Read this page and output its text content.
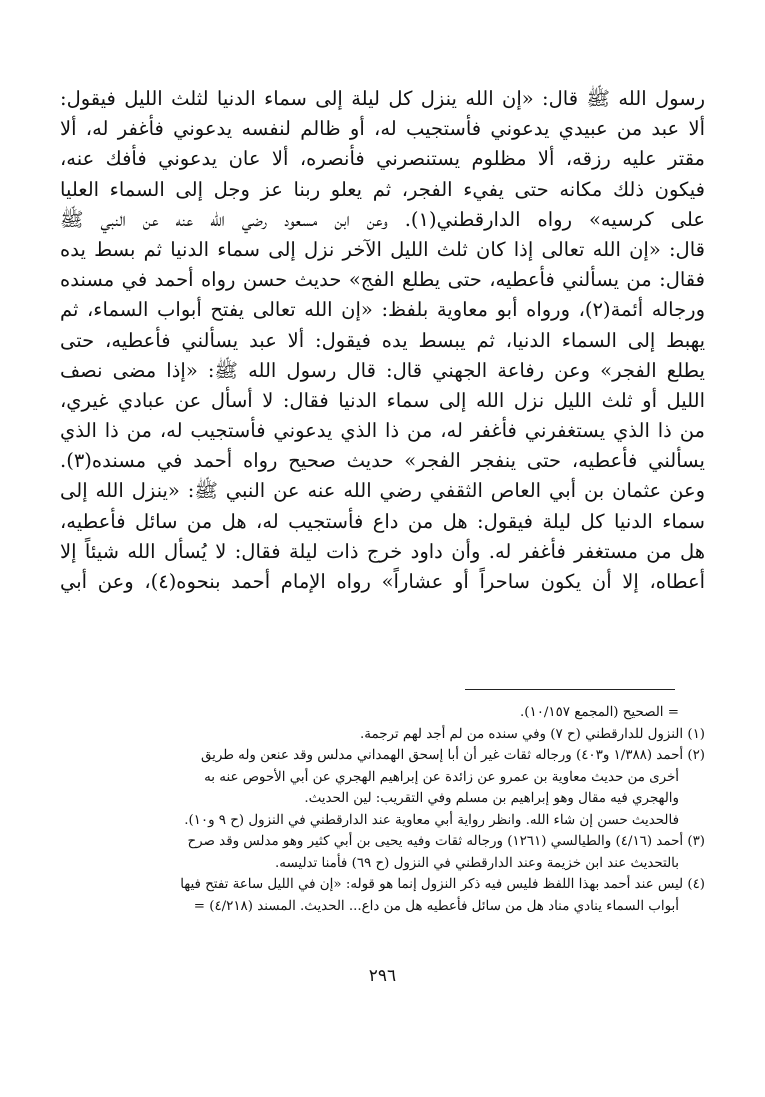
رسول الله ﷺ قال: «إن الله ينزل كل ليلة إلى سماء الدنيا لثلث الليل فيقول:
ألا عبد من عبيدي يدعوني فأستجيب له، أو ظالم لنفسه يدعوني فأغفر له، ألا
مقتر عليه رزقه، ألا مظلوم يستنصرني فأنصره، ألا عان يدعوني فأفك عنه،
فيكون ذلك مكانه حتى يفيء الفجر، ثم يعلو ربنا عز وجل إلى السماء العليا
على كرسيه» رواه الدارقطني(١). وعن ابن مسعود رضي الله عنه عن النبي ﷺ
قال: «إن الله تعالى إذا كان ثلث الليل الآخر نزل إلى سماء الدنيا ثم بسط يده
فقال: من يسألني فأعطيه، حتى يطلع الفج» حديث حسن رواه أحمد في مسنده
ورجاله أئمة(٢)، ورواه أبو معاوية بلفظ: «إن الله تعالى يفتح أبواب السماء، ثم
يهبط إلى السماء الدنيا، ثم يبسط يده فيقول: ألا عبد يسألني فأعطيه، حتى
يطلع الفجر» وعن رفاعة الجهني قال: قال رسول الله ﷺ: «إذا مضى نصف
الليل أو ثلث الليل نزل الله إلى سماء الدنيا فقال: لا أسأل عن عبادي غيري،
من ذا الذي يستغفرني فأغفر له، من ذا الذي يدعوني فأستجيب له، من ذا الذي
يسألني فأعطيه، حتى ينفجر الفجر» حديث صحيح رواه أحمد في مسنده(٣).
وعن عثمان بن أبي العاص الثقفي رضي الله عنه عن النبي ﷺ: «ينزل الله إلى
سماء الدنيا كل ليلة فيقول: هل من داع فأستجيب له، هل من سائل فأعطيه،
هل من مستغفر فأغفر له. وأن داود خرج ذات ليلة فقال: لا يُسأل الله شيئاً إلا
أعطاه، إلا أن يكون ساحراً أو عشاراً» رواه الإمام أحمد بنحوه(٤)، وعن أبي
= الصحيح (المجمع ١٠/١٥٧).
(١) النزول للدارقطني (ح ٧) وفي سنده من لم أجد لهم ترجمة.
(٢) أحمد (١/٣٨٨ و٤٠٣) ورجاله ثقات غير أن أبا إسحق الهمداني مدلس وقد عنعن وله طريق
أخرى من حديث معاوية بن عمرو عن زائدة عن إبراهيم الهجري عن أبي الأحوص عنه به
والهجري فيه مقال وهو إبراهيم بن مسلم وفي التقريب: لين الحديث.
فالحديث حسن إن شاء الله. وانظر رواية أبي معاوية عند الدارقطني في النزول (ح ٩ و١٠).
(٣) أحمد (٤/١٦) والطيالسي (١٢٦١) ورجاله ثقات وفيه يحيى بن أبي كثير وهو مدلس وقد صرح
بالتحديث عند ابن خزيمة وعند الدارقطني في النزول (ح ٦٩) فأمنا تدليسه.
(٤) ليس عند أحمد بهذا اللفظ فليس فيه ذكر النزول إنما هو قوله: «إن في الليل ساعة تفتح فيها
أبواب السماء ينادي مناد هل من سائل فأعطيه هل من داع... الحديث. المسند (٤/٢١٨) =
٢٩٦
